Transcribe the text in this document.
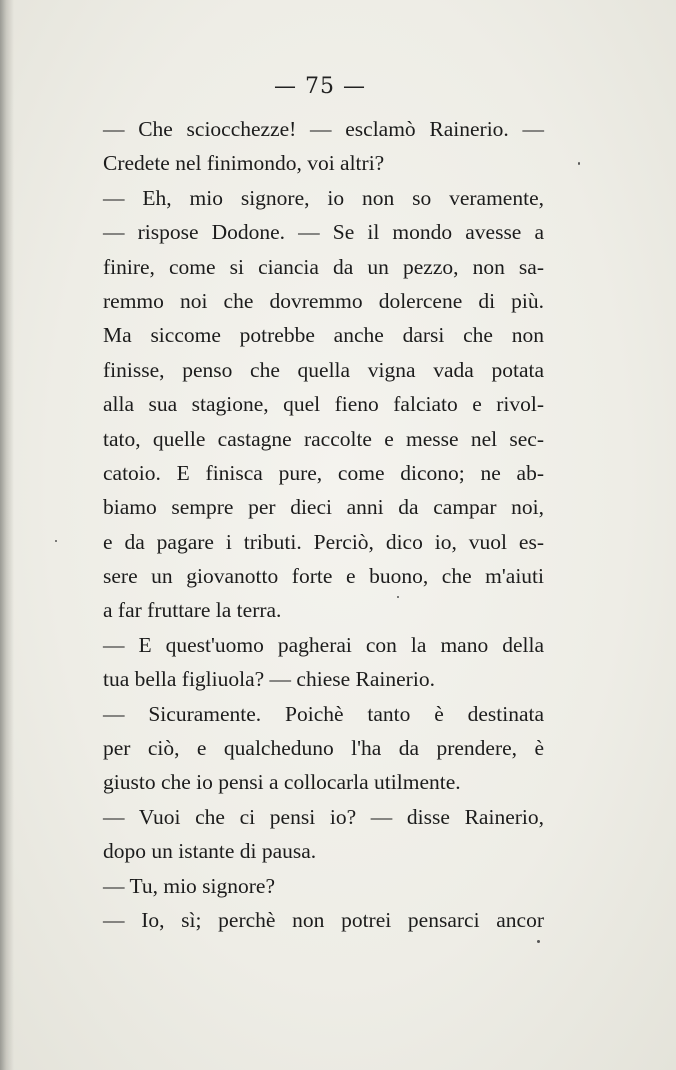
— 75 —
— Che sciocchezze! — esclamò Rainerio. —
Credete nel finimondo, voi altri?
— Eh, mio signore, io non so veramente,
— rispose Dodone. — Se il mondo avesse a
finire, come si ciancia da un pezzo, non sa-
remmo noi che dovremmo dolercene di più.
Ma siccome potrebbe anche darsi che non
finisse, penso che quella vigna vada potata
alla sua stagione, quel fieno falciato e rivol-
tato, quelle castagne raccolte e messe nel sec-
catoio. E finisca pure, come dicono; ne ab-
biamo sempre per dieci anni da campar noi,
e da pagare i tributi. Perciò, dico io, vuol es-
sere un giovanotto forte e buono, che m'aiuti
a far fruttare la terra.
— E quest'uomo pagherai con la mano della
tua bella figliuola? — chiese Rainerio.
— Sicuramente. Poichè tanto è destinata
per ciò, e qualcheduno l'ha da prendere, è
giusto che io pensi a collocarla utilmente.
— Vuoi che ci pensi io? — disse Rainerio,
dopo un istante di pausa.
— Tu, mio signore?
— Io, sì; perchè non potrei pensarci ancor
